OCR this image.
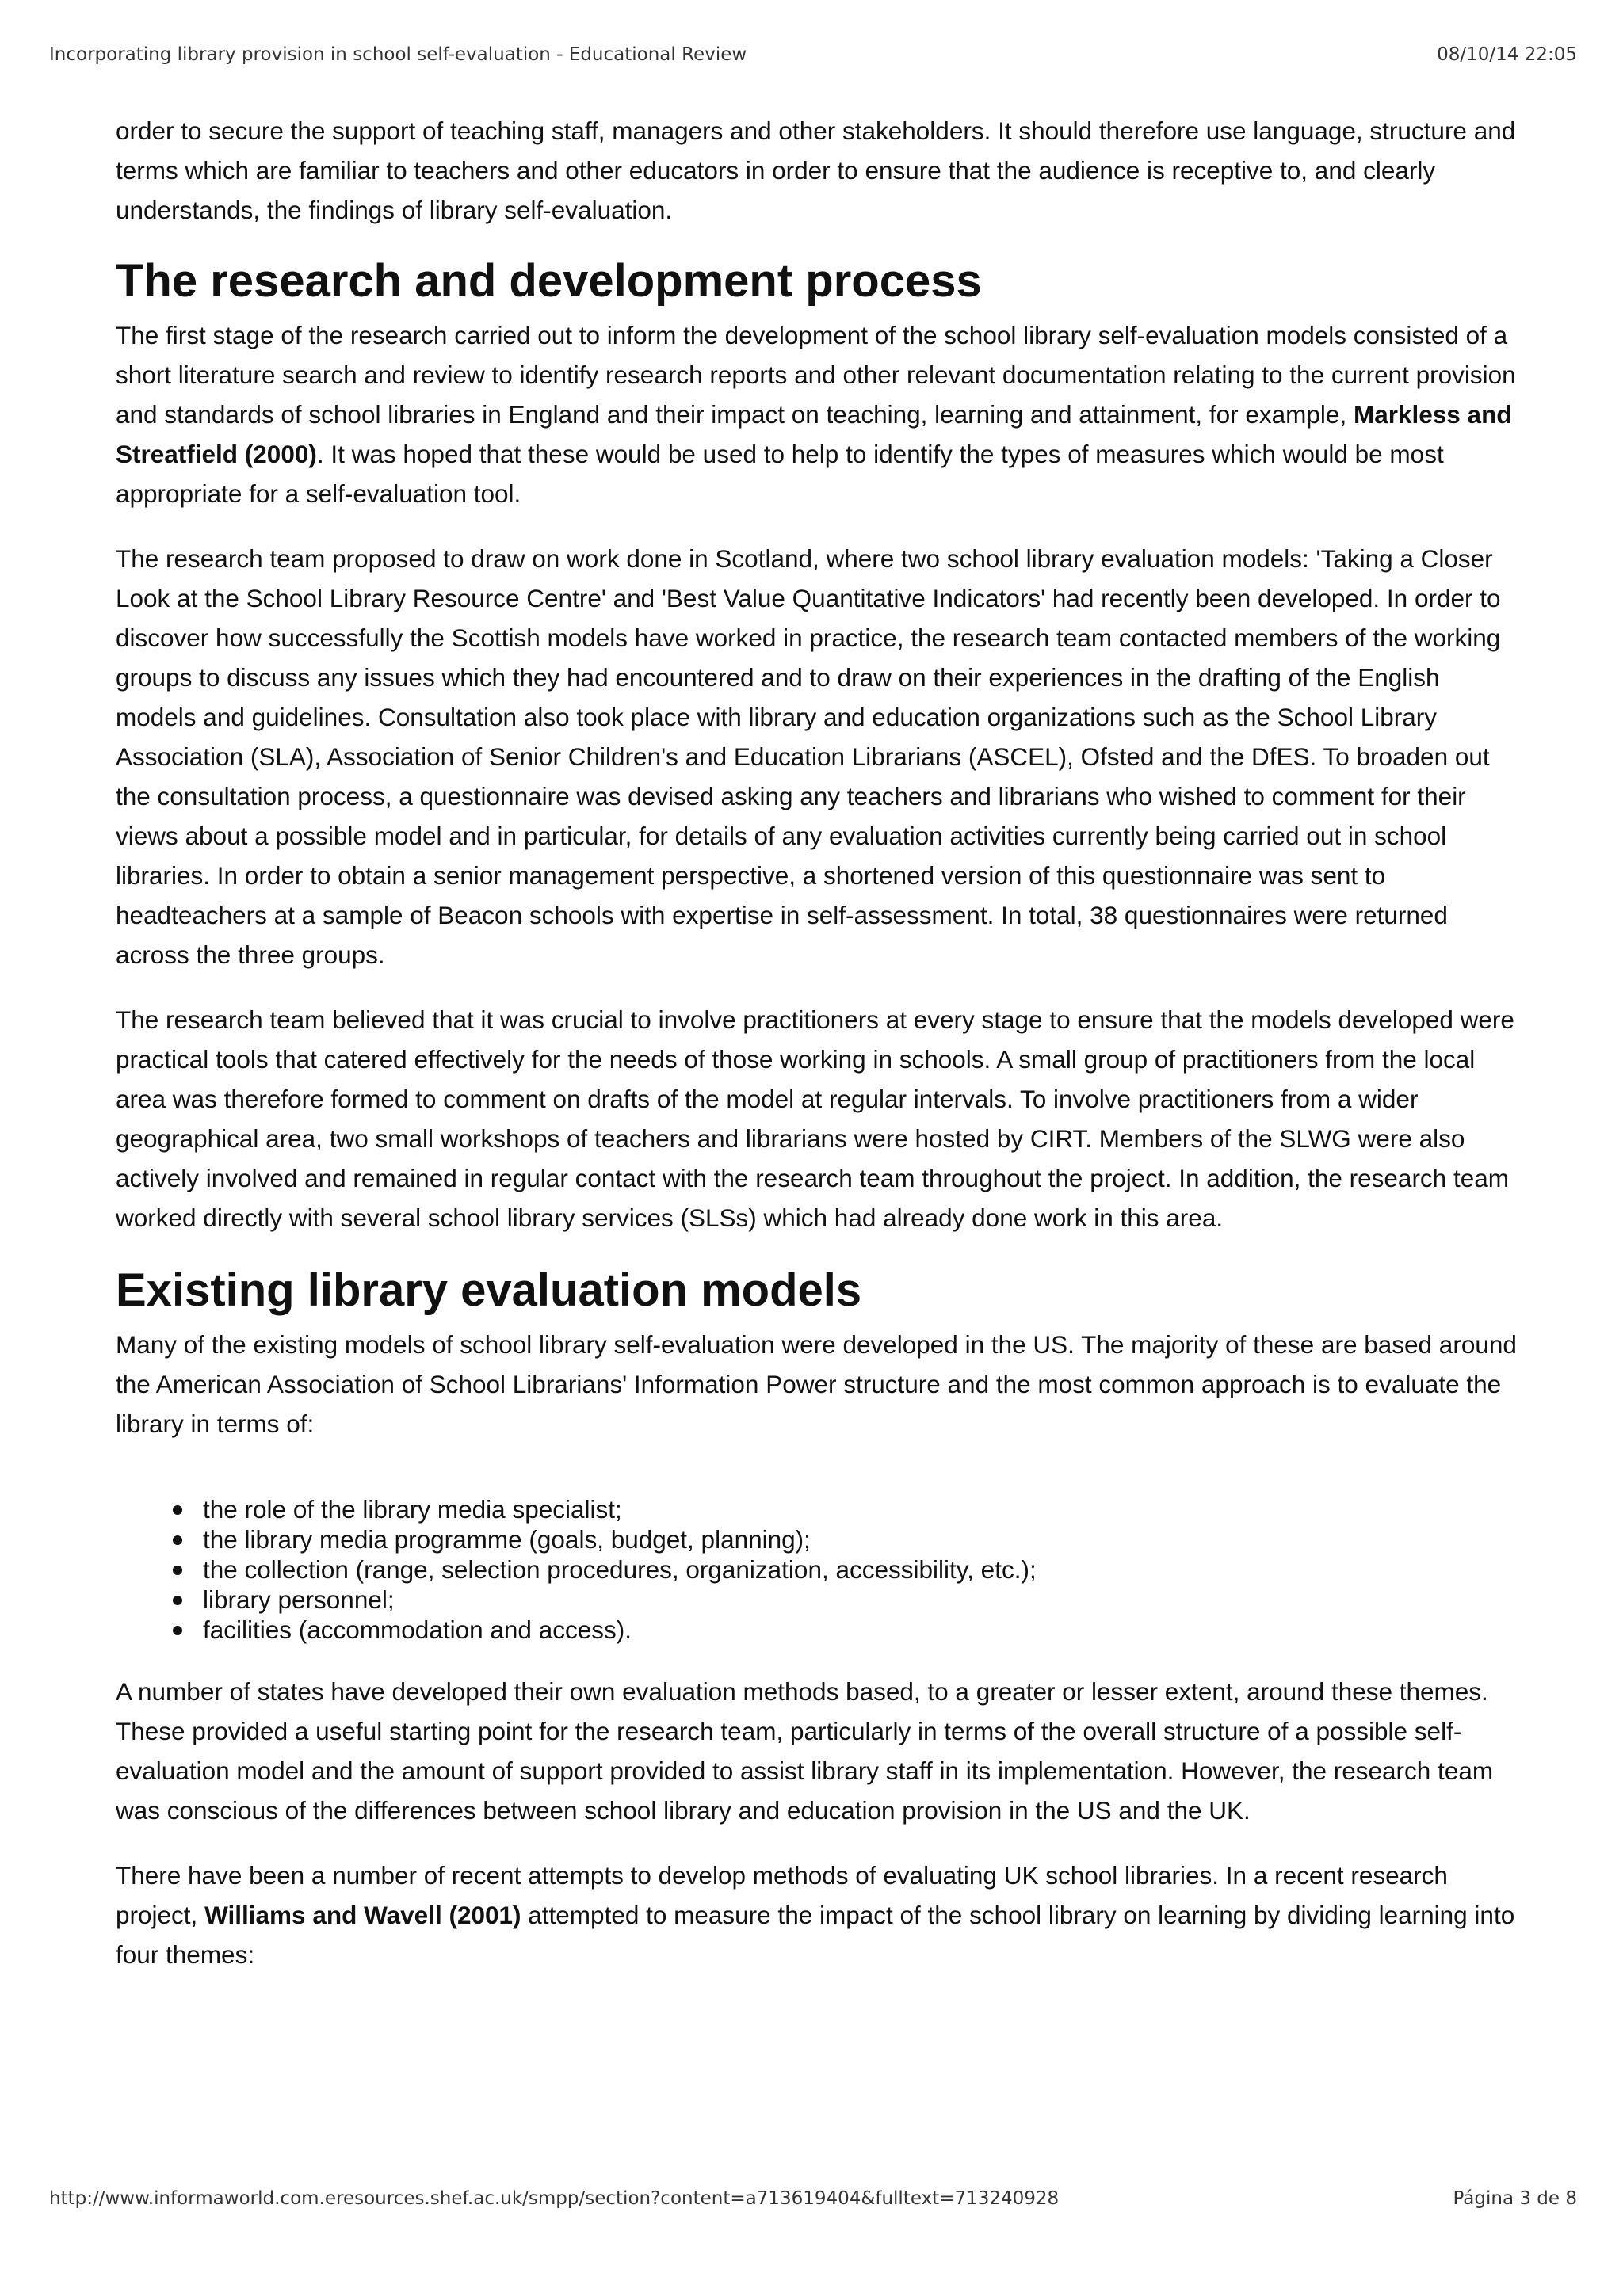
Incorporating library provision in school self-evaluation - Educational Review	08/10/14 22:05

order to secure the support of teaching staff, managers and other stakeholders. It should therefore use language, structure and terms which are familiar to teachers and other educators in order to ensure that the audience is receptive to, and clearly understands, the findings of library self-evaluation.

The research and development process

The first stage of the research carried out to inform the development of the school library self-evaluation models consisted of a short literature search and review to identify research reports and other relevant documentation relating to the current provision and standards of school libraries in England and their impact on teaching, learning and attainment, for example, Markless and Streatfield (2000). It was hoped that these would be used to help to identify the types of measures which would be most appropriate for a self-evaluation tool.

The research team proposed to draw on work done in Scotland, where two school library evaluation models: 'Taking a Closer Look at the School Library Resource Centre' and 'Best Value Quantitative Indicators' had recently been developed. In order to discover how successfully the Scottish models have worked in practice, the research team contacted members of the working groups to discuss any issues which they had encountered and to draw on their experiences in the drafting of the English models and guidelines. Consultation also took place with library and education organizations such as the School Library Association (SLA), Association of Senior Children's and Education Librarians (ASCEL), Ofsted and the DfES. To broaden out the consultation process, a questionnaire was devised asking any teachers and librarians who wished to comment for their views about a possible model and in particular, for details of any evaluation activities currently being carried out in school libraries. In order to obtain a senior management perspective, a shortened version of this questionnaire was sent to headteachers at a sample of Beacon schools with expertise in self-assessment. In total, 38 questionnaires were returned across the three groups.

The research team believed that it was crucial to involve practitioners at every stage to ensure that the models developed were practical tools that catered effectively for the needs of those working in schools. A small group of practitioners from the local area was therefore formed to comment on drafts of the model at regular intervals. To involve practitioners from a wider geographical area, two small workshops of teachers and librarians were hosted by CIRT. Members of the SLWG were also actively involved and remained in regular contact with the research team throughout the project. In addition, the research team worked directly with several school library services (SLSs) which had already done work in this area.

Existing library evaluation models

Many of the existing models of school library self-evaluation were developed in the US. The majority of these are based around the American Association of School Librarians' Information Power structure and the most common approach is to evaluate the library in terms of:

the role of the library media specialist;
the library media programme (goals, budget, planning);
the collection (range, selection procedures, organization, accessibility, etc.);
library personnel;
facilities (accommodation and access).

A number of states have developed their own evaluation methods based, to a greater or lesser extent, around these themes. These provided a useful starting point for the research team, particularly in terms of the overall structure of a possible self-evaluation model and the amount of support provided to assist library staff in its implementation. However, the research team was conscious of the differences between school library and education provision in the US and the UK.

There have been a number of recent attempts to develop methods of evaluating UK school libraries. In a recent research project, Williams and Wavell (2001) attempted to measure the impact of the school library on learning by dividing learning into four themes:

http://www.informaworld.com.eresources.shef.ac.uk/smpp/section?content=a713619404&fulltext=713240928	Página 3 de 8
